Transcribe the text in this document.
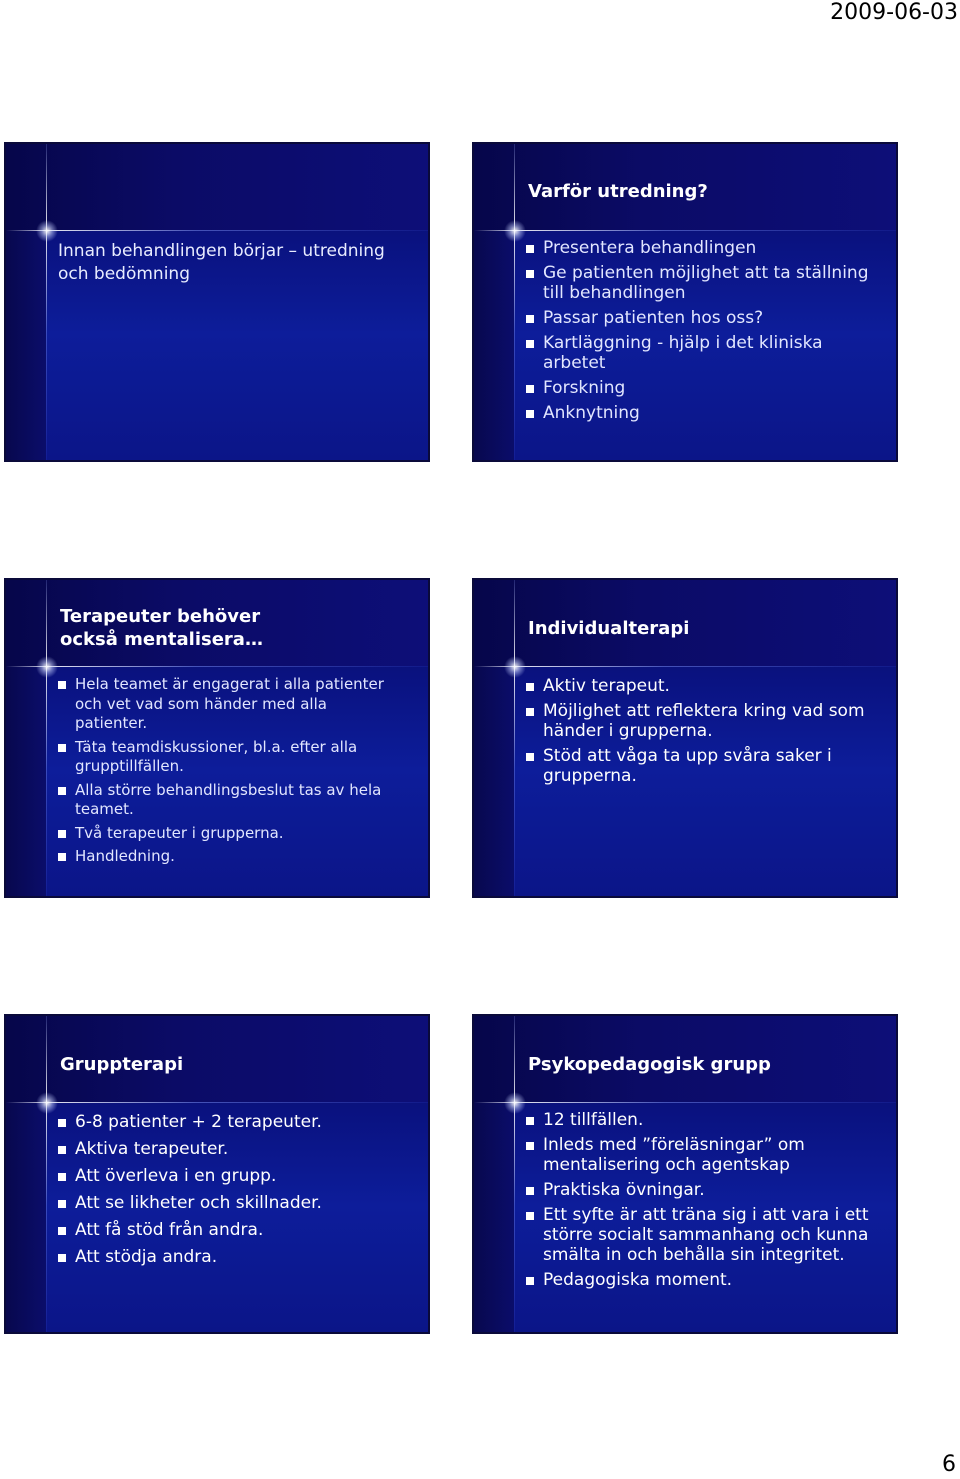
2009-06-03
Innan behandlingen börjar – utredning och bedömning
Varför utredning?
Presentera behandlingen
Ge patienten möjlighet att ta ställning till behandlingen
Passar patienten hos oss?
Kartläggning - hjälp i det kliniska arbetet
Forskning
Anknytning
Terapeuter behöver också mentalisera…
Hela teamet är engagerat i alla patienter och vet vad som händer med alla patienter.
Täta teamdiskussioner, bl.a. efter alla grupptillfällen.
Alla större behandlingsbeslut tas av hela teamet.
Två terapeuter i grupperna.
Handledning.
Individualterapi
Aktiv terapeut.
Möjlighet att reflektera kring vad som händer i grupperna.
Stöd att våga ta upp svåra saker i grupperna.
Gruppterapi
6-8 patienter + 2 terapeuter.
Aktiva terapeuter.
Att överleva i en grupp.
Att se likheter och skillnader.
Att få stöd från andra.
Att stödja andra.
Psykopedagogisk grupp
12 tillfällen.
Inleds med ”föreläsningar” om mentalisering och agentskap
Praktiska övningar.
Ett syfte är att träna sig i att vara i ett större socialt sammanhang och kunna smälta in och behålla sin integritet.
Pedagogiska moment.
6
